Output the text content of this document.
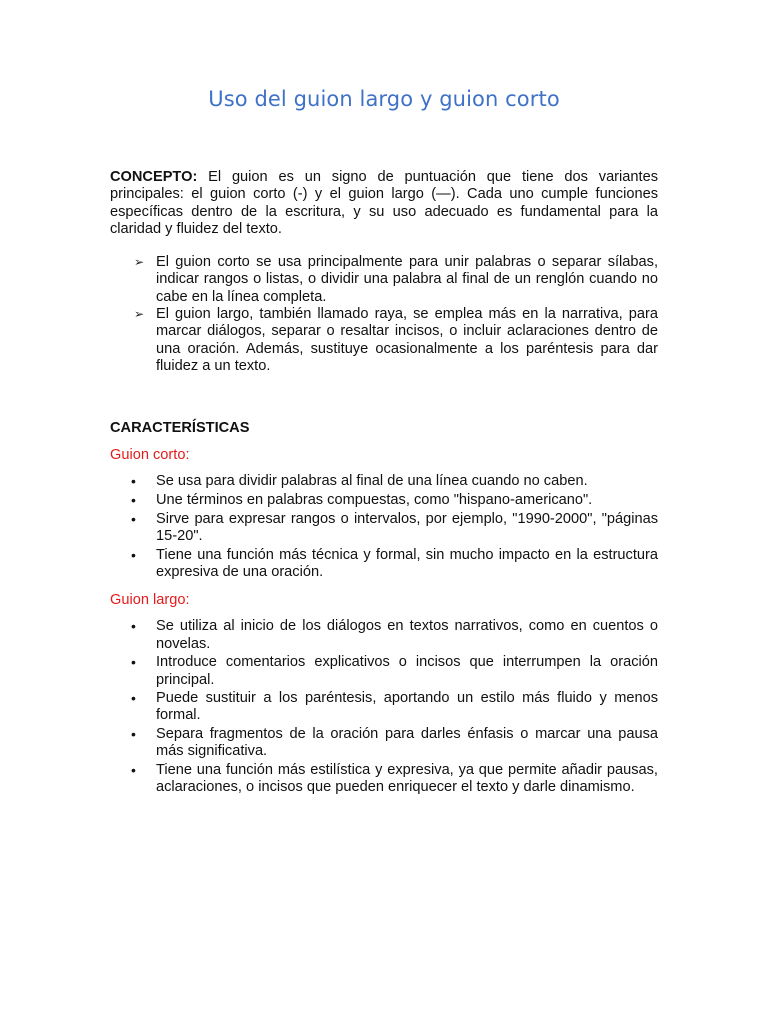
Uso del guion largo y guion corto

CONCEPTO: El guion es un signo de puntuación que tiene dos variantes principales: el guion corto (-) y el guion largo (—). Cada uno cumple funciones específicas dentro de la escritura, y su uso adecuado es fundamental para la claridad y fluidez del texto.

➢ El guion corto se usa principalmente para unir palabras o separar sílabas, indicar rangos o listas, o dividir una palabra al final de un renglón cuando no cabe en la línea completa.
➢ El guion largo, también llamado raya, se emplea más en la narrativa, para marcar diálogos, separar o resaltar incisos, o incluir aclaraciones dentro de una oración. Además, sustituye ocasionalmente a los paréntesis para dar fluidez a un texto.
CARACTERÍSTICAS
Guion corto:
• Se usa para dividir palabras al final de una línea cuando no caben.
• Une términos en palabras compuestas, como "hispano-americano".
• Sirve para expresar rangos o intervalos, por ejemplo, "1990-2000", "páginas 15-20".
• Tiene una función más técnica y formal, sin mucho impacto en la estructura expresiva de una oración.
Guion largo:
• Se utiliza al inicio de los diálogos en textos narrativos, como en cuentos o novelas.
• Introduce comentarios explicativos o incisos que interrumpen la oración principal.
• Puede sustituir a los paréntesis, aportando un estilo más fluido y menos formal.
• Separa fragmentos de la oración para darles énfasis o marcar una pausa más significativa.
• Tiene una función más estilística y expresiva, ya que permite añadir pausas, aclaraciones, o incisos que pueden enriquecer el texto y darle dinamismo.
